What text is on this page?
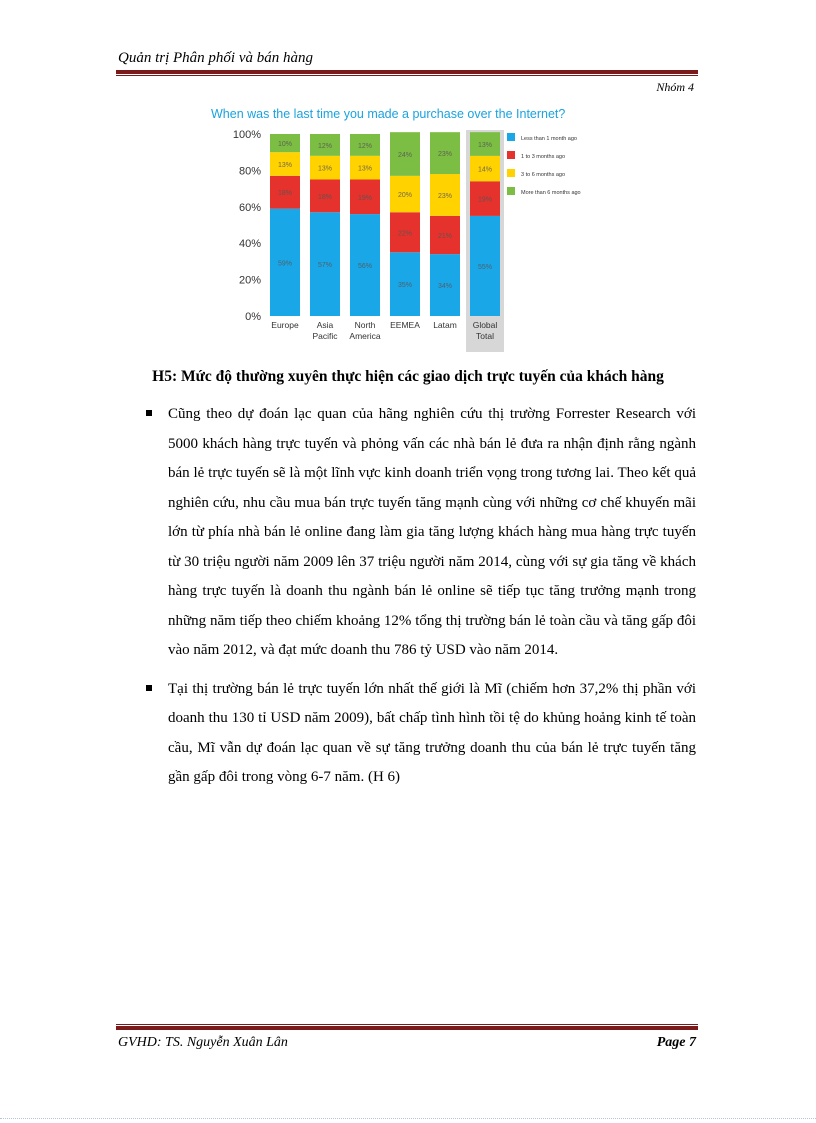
Quản trị Phân phối và bán hàng
Nhóm 4
When was the last time you made a purchase over the Internet?
0%
20%
40%
60%
80%
100%
59%
18%
13%
10%
Europe
57%
18%
13%
12%
Asia
Pacific
56%
19%
13%
12%
North
America
35%
22%
20%
24%
EEMEA
34%
21%
23%
23%
Latam
55%
19%
14%
13%
Global
Total
Less than 1 month ago
1 to 3 months ago
3 to 6 months ago
More than 6 months ago
H5: Mức độ thường xuyên thực hiện các giao dịch trực tuyến của khách hàng
Cũng theo dự đoán lạc quan của hãng nghiên cứu thị trường Forrester Research với 5000 khách hàng trực tuyến và phỏng vấn các nhà bán lẻ đưa ra nhận định rằng ngành bán lẻ trực tuyến sẽ là một lĩnh vực kinh doanh triển vọng trong tương lai. Theo kết quả nghiên cứu, nhu cầu mua bán trực tuyến tăng mạnh cùng với những cơ chế khuyến mãi lớn từ phía nhà bán lẻ online đang làm gia tăng lượng khách hàng mua hàng trực tuyến từ 30 triệu người năm 2009 lên 37 triệu người năm 2014, cùng với sự gia tăng về khách hàng trực tuyến là doanh thu ngành bán lẻ online sẽ tiếp tục tăng trưởng mạnh trong những năm tiếp theo chiếm khoảng 12% tổng thị trường bán lẻ toàn cầu và tăng gấp đôi vào năm 2012, và đạt mức doanh thu 786 tỷ USD vào năm 2014.
Tại thị trường bán lẻ trực tuyến lớn nhất thế giới là Mĩ (chiếm hơn 37,2% thị phần với doanh thu 130 tỉ USD năm 2009), bất chấp tình hình tồi tệ do khủng hoảng kinh tế toàn cầu, Mĩ vẫn dự đoán lạc quan về sự tăng trưởng doanh thu của bán lẻ trực tuyến tăng gần gấp đôi trong vòng 6-7 năm. (H 6)
GVHD: TS. Nguyễn Xuân Lân	Page 7
